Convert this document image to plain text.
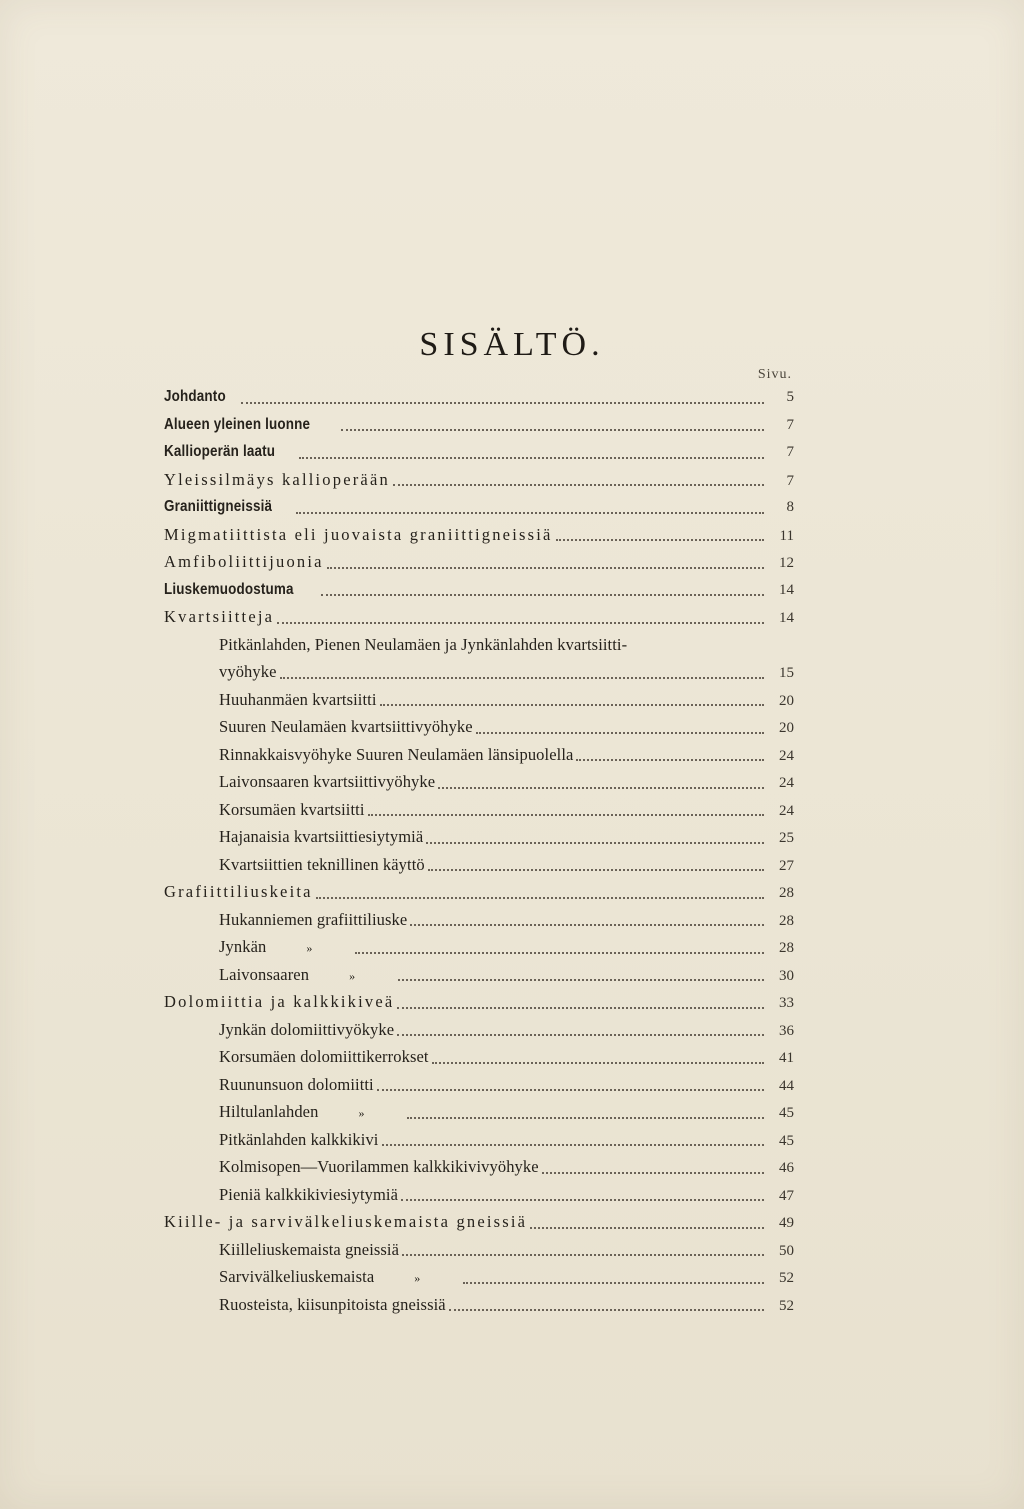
SISÄLTÖ.
Sivu.
Johdanto	5
Alueen yleinen luonne	7
Kallioperän laatu	7
Yleissilmäys kallioperään	7
Graniittigneissiä	8
Migmatiittista eli juovaista graniittigneissiä	11
Amfiboliittijuonia	12
Liuskemuodostuma	14
Kvartsiitteja	14
Pitkänlahden, Pienen Neulamäen ja Jynkänlahden kvartsiitti-
vyöhyke	15
Huuhanmäen kvartsiitti	20
Suuren Neulamäen kvartsiittivyöhyke	20
Rinnakkaisvyöhyke Suuren Neulamäen länsipuolella	24
Laivonsaaren kvartsiittivyöhyke	24
Korsumäen kvartsiitti	24
Hajanaisia kvartsiittiesiytymiä	25
Kvartsiittien teknillinen käyttö	27
Grafiittiliuskeita	28
Hukanniemen grafiittiliuske	28
Jynkän	»	28
Laivonsaaren	»	30
Dolomiittia ja kalkkikiveä	33
Jynkän dolomiittivyökyke	36
Korsumäen dolomiittikerrokset	41
Ruununsuon dolomiitti	44
Hiltulanlahden	»	45
Pitkänlahden kalkkikivi	45
Kolmisopen—Vuorilammen kalkkikivivyöhyke	46
Pieniä kalkkikiviesiytymiä	47
Kiille- ja sarvivälkeliuskemaista gneissiä	49
Kiilleliuskemaista gneissiä	50
Sarvivälkeliuskemaista	»	52
Ruosteista, kiisunpitoista gneissiä	52
